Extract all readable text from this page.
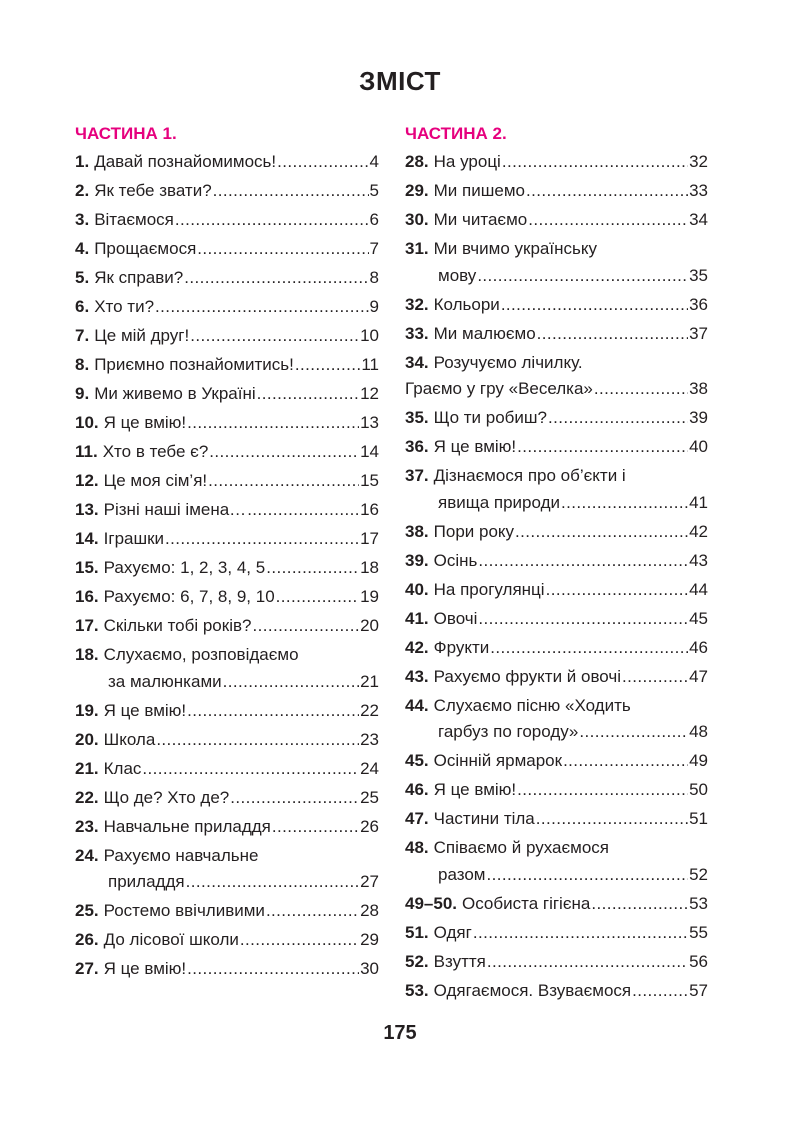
ЗМІСТ
ЧАСТИНА 1.
1. Давай познайомимось! .....	4
2. Як тебе звати? .....	5
3. Вітаємося .....	6
4. Прощаємося .....	7
5. Як справи? .....	8
6. Хто ти? .....	9
7. Це мій друг! .....	10
8. Приємно познайомитись! .....	11
9. Ми живемо в Україні .....	12
10. Я це вмію! .....	13
11. Хто в тебе є? .....	14
12. Це моя сім’я! .....	15
13. Різні наші імена… .....	16
14. Іграшки .....	17
15. Рахуємо: 1, 2, 3, 4, 5 .....	18
16. Рахуємо: 6, 7, 8, 9, 10 .....	19
17. Скільки тобі років? .....	20
18. Слухаємо, розповідаємо
за малюнками .....	21
19. Я це вмію! .....	22
20. Школа .....	23
21. Клас .....	24
22. Що де? Хто де? .....	25
23. Навчальне приладдя .....	26
24. Рахуємо навчальне
приладдя .....	27
25. Ростемо ввічливими .....	28
26. До лісової школи .....	29
27. Я це вмію! .....	30
ЧАСТИНА 2.
28. На уроці .....	32
29. Ми пишемо .....	33
30. Ми читаємо .....	34
31. Ми вчимо українську
мову .....	35
32. Кольори .....	36
33. Ми малюємо .....	37
34. Розучуємо лічилку.
Граємо у гру «Веселка» .....	38
35. Що ти робиш? .....	39
36. Я це вмію! .....	40
37. Дізнаємося про об’єкти і
явища природи .....	41
38. Пори року .....	42
39. Осінь .....	43
40. На прогулянці .....	44
41. Овочі .....	45
42. Фрукти .....	46
43. Рахуємо фрукти й овочі .....	47
44. Слухаємо пісню «Ходить
гарбуз по городу» .....	48
45. Осінній ярмарок .....	49
46. Я це вмію! .....	50
47. Частини тіла .....	51
48. Співаємо й рухаємося
разом .....	52
49–50. Особиста гігієна .....	53
51. Одяг .....	55
52. Взуття .....	56
53. Одягаємося. Взуваємося .....	57
175
